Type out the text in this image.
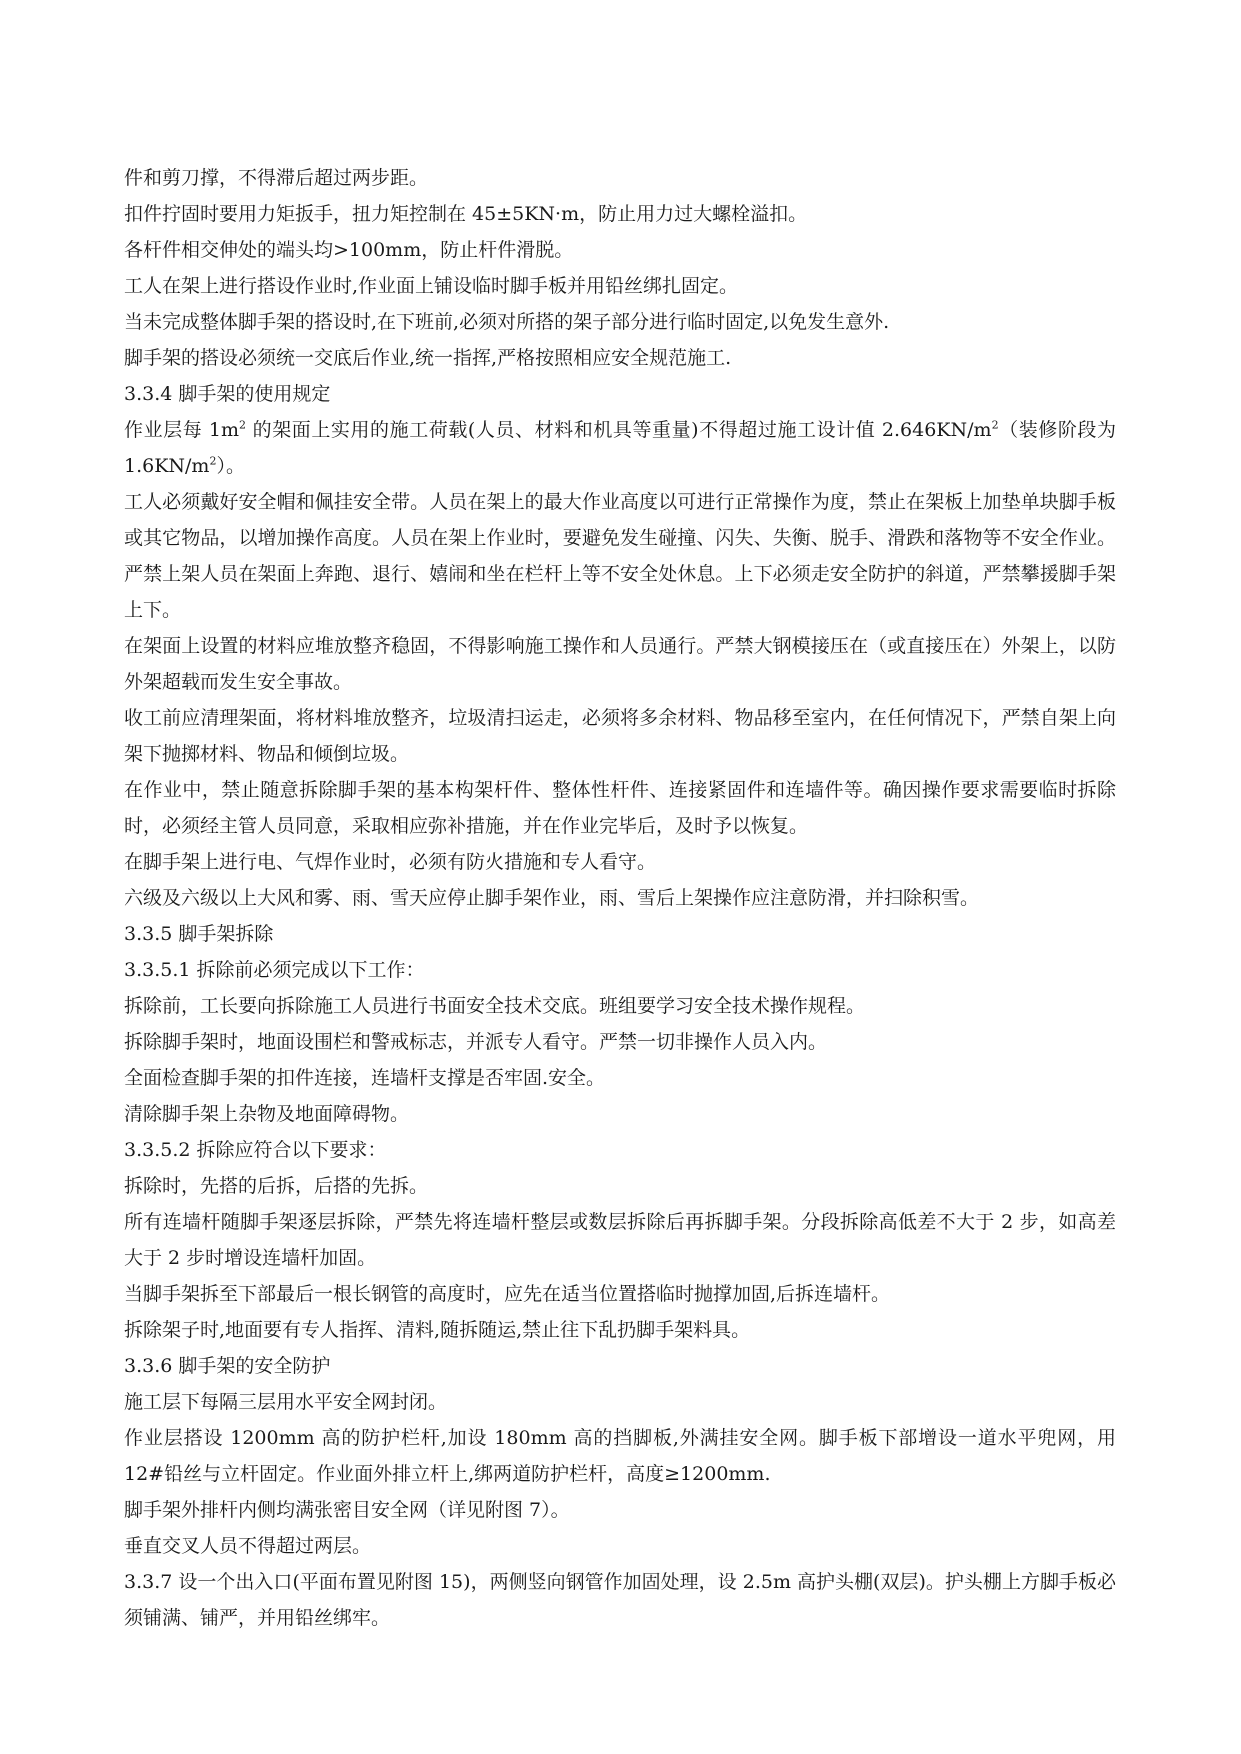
件和剪刀撑，不得滞后超过两步距。

扣件拧固时要用力矩扳手，扭力矩控制在 45±5KN·m，防止用力过大螺栓溢扣。

各杆件相交伸处的端头均>100mm，防止杆件滑脱。

工人在架上进行搭设作业时,作业面上铺设临时脚手板并用铅丝绑扎固定。

当未完成整体脚手架的搭设时,在下班前,必须对所搭的架子部分进行临时固定,以免发生意外.

脚手架的搭设必须统一交底后作业,统一指挥,严格按照相应安全规范施工.

3.3.4 脚手架的使用规定

作业层每 $1m^2$ 的架面上实用的施工荷载(人员、材料和机具等重量)不得超过施工设计值 $2.646KN/m^2$（装修阶段为 $1.6KN/m^2$）。

工人必须戴好安全帽和佩挂安全带。人员在架上的最大作业高度以可进行正常操作为度，禁止在架板上加垫单块脚手板或其它物品，以增加操作高度。人员在架上作业时，要避免发生碰撞、闪失、失衡、脱手、滑跌和落物等不安全作业。严禁上架人员在架面上奔跑、退行、嬉闹和坐在栏杆上等不安全处休息。上下必须走安全防护的斜道，严禁攀援脚手架上下。

在架面上设置的材料应堆放整齐稳固，不得影响施工操作和人员通行。严禁大钢模接压在（或直接压在）外架上，以防外架超载而发生安全事故。

收工前应清理架面，将材料堆放整齐，垃圾清扫运走，必须将多余材料、物品移至室内，在任何情况下，严禁自架上向架下抛掷材料、物品和倾倒垃圾。

在作业中，禁止随意拆除脚手架的基本构架杆件、整体性杆件、连接紧固件和连墙件等。确因操作要求需要临时拆除时，必须经主管人员同意，采取相应弥补措施，并在作业完毕后，及时予以恢复。

在脚手架上进行电、气焊作业时，必须有防火措施和专人看守。

六级及六级以上大风和雾、雨、雪天应停止脚手架作业，雨、雪后上架操作应注意防滑，并扫除积雪。

3.3.5 脚手架拆除

3.3.5.1 拆除前必须完成以下工作：

拆除前，工长要向拆除施工人员进行书面安全技术交底。班组要学习安全技术操作规程。

拆除脚手架时，地面设围栏和警戒标志，并派专人看守。严禁一切非操作人员入内。

全面检查脚手架的扣件连接，连墙杆支撑是否牢固.安全。

清除脚手架上杂物及地面障碍物。

3.3.5.2 拆除应符合以下要求：

拆除时，先搭的后拆，后搭的先拆。

所有连墙杆随脚手架逐层拆除，严禁先将连墙杆整层或数层拆除后再拆脚手架。分段拆除高低差不大于 2 步，如高差大于 2 步时增设连墙杆加固。

当脚手架拆至下部最后一根长钢管的高度时，应先在适当位置搭临时抛撑加固,后拆连墙杆。

拆除架子时,地面要有专人指挥、清料,随拆随运,禁止往下乱扔脚手架料具。

3.3.6 脚手架的安全防护

施工层下每隔三层用水平安全网封闭。

作业层搭设 1200mm 高的防护栏杆,加设 180mm 高的挡脚板,外满挂安全网。脚手板下部增设一道水平兜网，用 12#铅丝与立杆固定。作业面外排立杆上,绑两道防护栏杆，高度≥1200mm.

脚手架外排杆内侧均满张密目安全网（详见附图 7）。

垂直交叉人员不得超过两层。

3.3.7 设一个出入口(平面布置见附图 15)，两侧竖向钢管作加固处理，设 2.5m 高护头棚(双层)。护头棚上方脚手板必须铺满、铺严，并用铅丝绑牢。
